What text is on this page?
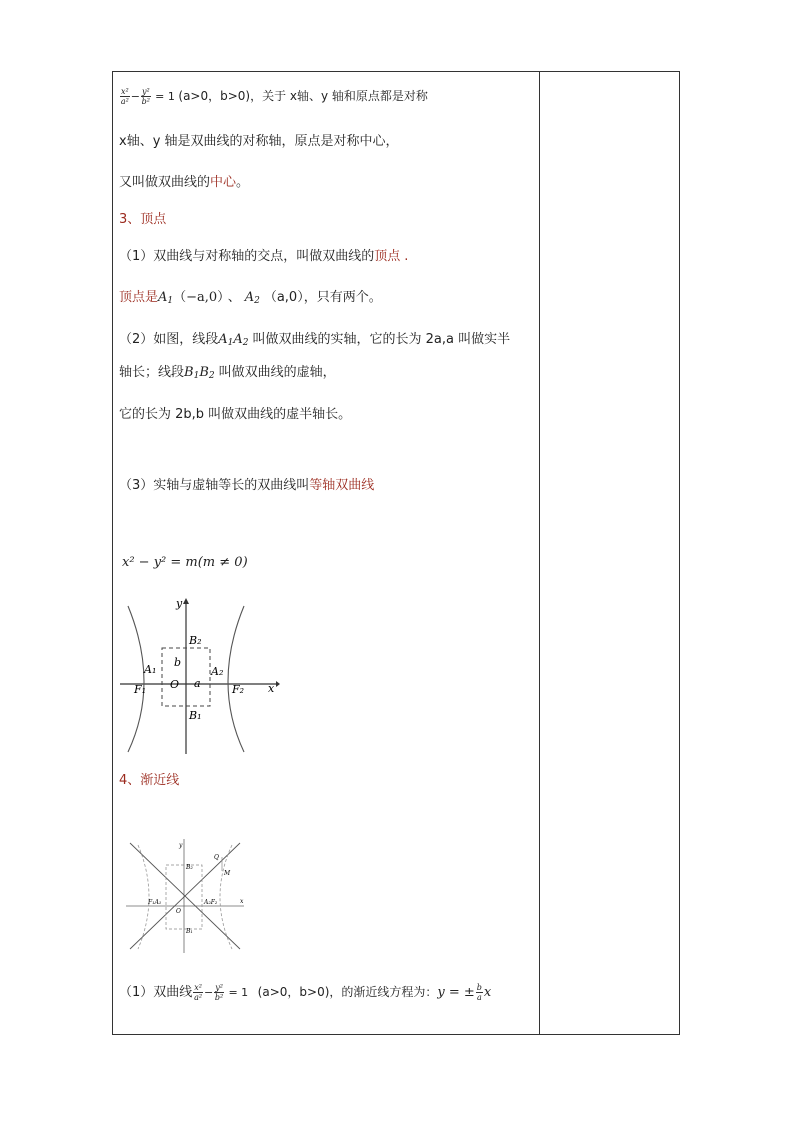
$\frac{\text{x²}}{\text{a²}} - \frac{\text{y²}}{\text{b²}} = 1$ (a>0，b>0)，关于 x轴、y 轴和原点都是对称
x轴、y 轴是双曲线的对称轴，原点是对称中心，
又叫做双曲线的中心。
3、顶点
（1）双曲线与对称轴的交点，叫做双曲线的顶点 .
顶点是$A_1(-a,0)$ 、 $A_2$ （a,0），只有两个。
（2）如图，线段$A_1A_2$ 叫做双曲线的实轴，它的长为 2a,a 叫做实半
轴长；线段$B_1B_2$ 叫做双曲线的虚轴，
它的长为 2b,b 叫做双曲线的虚半轴长。
（3）实轴与虚轴等长的双曲线叫等轴双曲线
x² − y² = m(m ≠ 0)
y
x
O a
b
B₂
B₁
A₁	A₂
F₁	F₂
4、渐近线
y
x
O
Q
M
B₂
B₁
F₁A₁	A₂F₂
（1）双曲线 $\frac{\text{x²}}{\text{a²}} - \frac{\text{y²}}{\text{b²}} = 1$ (a>0，b>0)，的渐近线方程为：y = ± $\frac{b}{a}$ x
